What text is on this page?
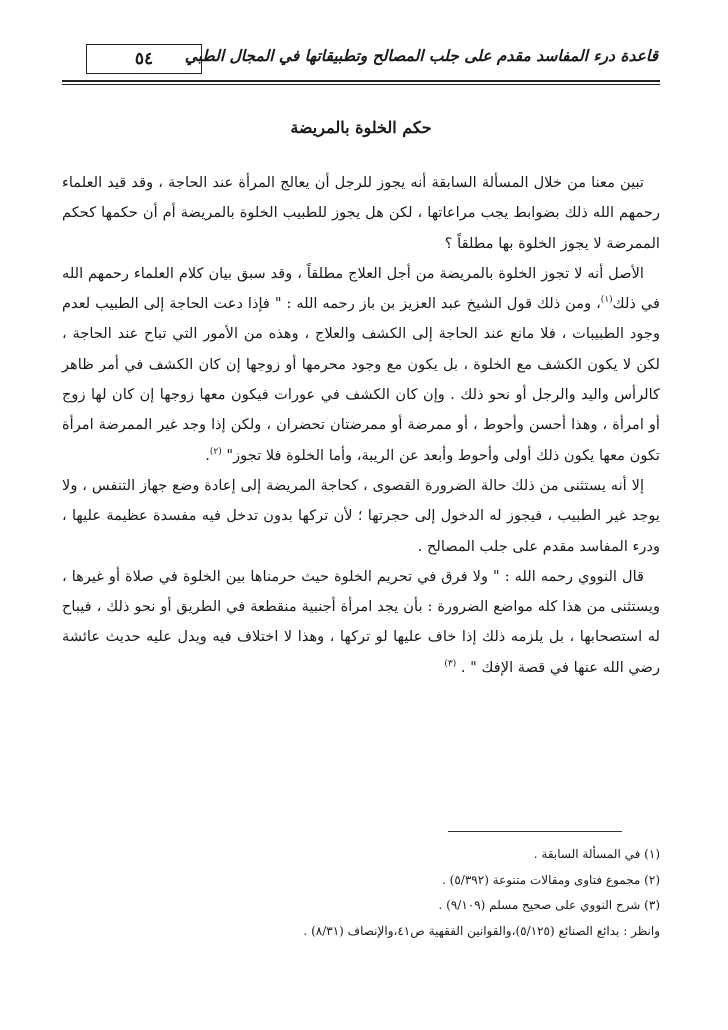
٥٤	قاعدة درء المفاسد مقدم على جلب المصالح وتطبيقاتها في المجال الطبي
حكم الخلوة بالمريضة

تبين معنا من خلال المسألة السابقة أنه يجوز للرجل أن يعالج المرأة عند الحاجة ، وقد قيد العلماء رحمهم الله ذلك بضوابط يجب مراعاتها ، لكن هل يجوز للطبيب الخلوة بالمريضة أم أن حكمها كحكم الممرضة لا يجوز الخلوة بها مطلقاً ؟

الأصل أنه لا تجوز الخلوة بالمريضة من أجل العلاج مطلقاً ، وقد سبق بيان كلام العلماء رحمهم الله في ذلك$^{(١)}$، ومن ذلك قول الشيخ عبد العزيز بن باز رحمه الله : " فإذا دعت الحاجة إلى الطبيب لعدم وجود الطبيبات ، فلا مانع عند الحاجة إلى الكشف والعلاج ، وهذه من الأمور التي تباح عند الحاجة ، لكن لا يكون الكشف مع الخلوة ، بل يكون مع وجود محرمها أو زوجها إن كان الكشف في أمر ظاهر كالرأس واليد والرجل أو نحو ذلك . وإن كان الكشف في عورات فيكون معها زوجها إن كان لها زوج أو امرأة ، وهذا أحسن وأحوط ، أو ممرضة أو ممرضتان تحضران ، ولكن إذا وجد غير الممرضة امرأة تكون معها يكون ذلك أولى وأحوط وأبعد عن الريبة، وأما الخلوة فلا تجوز" $^{(٢)}$.

إلا أنه يستثنى من ذلك حالة الضرورة القصوى ، كحاجة المريضة إلى إعادة وضع جهاز التنفس ، ولا يوجد غير الطبيب ، فيجوز له الدخول إلى حجرتها ؛ لأن تركها بدون تدخل فيه مفسدة عظيمة عليها ، ودرء المفاسد مقدم على جلب المصالح .

قال النووي رحمه الله : " ولا فرق في تحريم الخلوة حيث حرمناها بين الخلوة في صلاة أو غيرها ، ويستثنى من هذا كله مواضع الضرورة : بأن يجد امرأة أجنبية منقطعة في الطريق أو نحو ذلك ، فيباح له استصحابها ، بل يلزمه ذلك إذا خاف عليها لو تركها ، وهذا لا اختلاف فيه ويدل عليه حديث عائشة رضي الله عنها في قصة الإفك " . $^{(٣)}$

(١) في المسألة السابقة .
(٢) مجموع فتاوى ومقالات متنوعة (٥/٣٩٢) .
(٣) شرح النووي على صحيح مسلم (٩/١٠٩) .
وانظر : بدائع الصنائع (٥/١٢٥)،والقوانين الفقهية ص٤١،والإنصاف (٨/٣١) .
